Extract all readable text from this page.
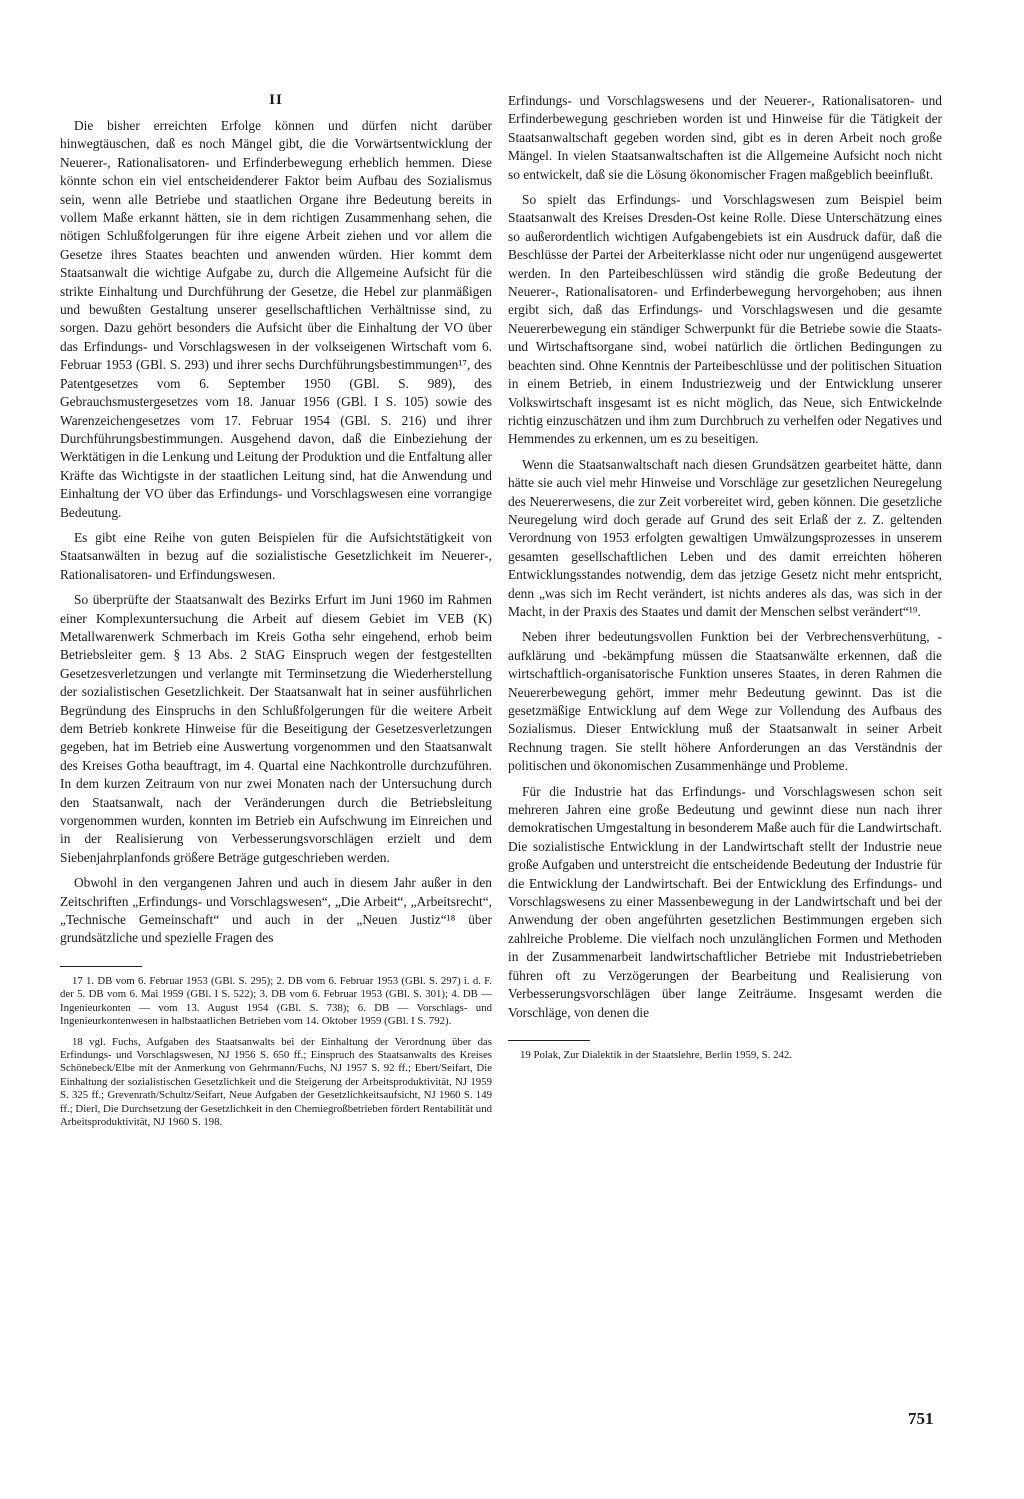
II

Die bisher erreichten Erfolge können und dürfen nicht darüber hinwegtäuschen, daß es noch Mängel gibt, die die Vorwärtsentwicklung der Neuerer-, Rationalisatoren- und Erfinderbewegung erheblich hemmen. Diese könnte schon ein viel entscheidenderer Faktor beim Aufbau des Sozialismus sein, wenn alle Betriebe und staatlichen Organe ihre Bedeutung bereits in vollem Maße erkannt hätten, sie in dem richtigen Zusammenhang sehen, die nötigen Schlußfolgerungen für ihre eigene Arbeit ziehen und vor allem die Gesetze ihres Staates beachten und anwenden würden. Hier kommt dem Staatsanwalt die wichtige Aufgabe zu, durch die Allgemeine Aufsicht für die strikte Einhaltung und Durchführung der Gesetze, die Hebel zur planmäßigen und bewußten Gestaltung unserer gesellschaftlichen Verhältnisse sind, zu sorgen. Dazu gehört besonders die Aufsicht über die Einhaltung der VO über das Erfindungs- und Vorschlagswesen in der volkseigenen Wirtschaft vom 6. Februar 1953 (GBl. S. 293) und ihrer sechs Durchführungsbestimmungen¹⁷, des Patentgesetzes vom 6. September 1950 (GBl. S. 989), des Gebrauchsmustergesetzes vom 18. Januar 1956 (GBl. I S. 105) sowie des Warenzeichengesetzes vom 17. Februar 1954 (GBl. S. 216) und ihrer Durchführungsbestimmungen. Ausgehend davon, daß die Einbeziehung der Werktätigen in die Lenkung und Leitung der Produktion und die Entfaltung aller Kräfte das Wichtigste in der staatlichen Leitung sind, hat die Anwendung und Einhaltung der VO über das Erfindungs- und Vorschlagswesen eine vorrangige Bedeutung.

Es gibt eine Reihe von guten Beispielen für die Aufsichtstätigkeit von Staatsanwälten in bezug auf die sozialistische Gesetzlichkeit im Neuerer-, Rationalisatoren- und Erfindungswesen.

So überprüfte der Staatsanwalt des Bezirks Erfurt im Juni 1960 im Rahmen einer Komplexuntersuchung die Arbeit auf diesem Gebiet im VEB (K) Metallwarenwerk Schmerbach im Kreis Gotha sehr eingehend, erhob beim Betriebsleiter gem. § 13 Abs. 2 StAG Einspruch wegen der festgestellten Gesetzesverletzungen und verlangte mit Terminsetzung die Wiederherstellung der sozialistischen Gesetzlichkeit. Der Staatsanwalt hat in seiner ausführlichen Begründung des Einspruchs in den Schlußfolgerungen für die weitere Arbeit dem Betrieb konkrete Hinweise für die Beseitigung der Gesetzesverletzungen gegeben, hat im Betrieb eine Auswertung vorgenommen und den Staatsanwalt des Kreises Gotha beauftragt, im 4. Quartal eine Nachkontrolle durchzuführen. In dem kurzen Zeitraum von nur zwei Monaten nach der Untersuchung durch den Staatsanwalt, nach der Veränderungen durch die Betriebsleitung vorgenommen wurden, konnten im Betrieb ein Aufschwung im Einreichen und in der Realisierung von Verbesserungsvorschlägen erzielt und dem Siebenjahrplanfonds größere Beträge gutgeschrieben werden.

Obwohl in den vergangenen Jahren und auch in diesem Jahr außer in den Zeitschriften „Erfindungs- und Vorschlagswesen“, „Die Arbeit“, „Arbeitsrecht“, „Technische Gemeinschaft“ und auch in der „Neuen Justiz“¹⁸ über grundsätzliche und spezielle Fragen des

17 1. DB vom 6. Februar 1953 (GBl. S. 295); 2. DB vom 6. Februar 1953 (GBl. S. 297) i. d. F. der 5. DB vom 6. Mai 1959 (GBl. I S. 522); 3. DB vom 6. Februar 1953 (GBl. S. 301); 4. DB — Ingenieurkonten — vom 13. August 1954 (GBl. S. 738); 6. DB — Vorschlags- und Ingenieurkontenwesen in halbstaatlichen Betrieben vom 14. Oktober 1959 (GBl. I S. 792).

18 vgl. Fuchs, Aufgaben des Staatsanwalts bei der Einhaltung der Verordnung über das Erfindungs- und Vorschlagswesen, NJ 1956 S. 650 ff.; Einspruch des Staatsanwalts des Kreises Schönebeck/Elbe mit der Anmerkung von Gehrmann/Fuchs, NJ 1957 S. 92 ff.; Ebert/Seifart, Die Einhaltung der sozialistischen Gesetzlichkeit und die Steigerung der Arbeitsproduktivität, NJ 1959 S. 325 ff.; Grevenrath/Schultz/Seifart, Neue Aufgaben der Gesetzlichkeitsaufsicht, NJ 1960 S. 149 ff.; Dierl, Die Durchsetzung der Gesetzlichkeit in den Chemiegroßbetrieben fördert Rentabilität und Arbeitsproduktivität, NJ 1960 S. 198.

Erfindungs- und Vorschlagswesens und der Neuerer-, Rationalisatoren- und Erfinderbewegung geschrieben worden ist und Hinweise für die Tätigkeit der Staatsanwaltschaft gegeben worden sind, gibt es in deren Arbeit noch große Mängel. In vielen Staatsanwaltschaften ist die Allgemeine Aufsicht noch nicht so entwickelt, daß sie die Lösung ökonomischer Fragen maßgeblich beeinflußt.

So spielt das Erfindungs- und Vorschlagswesen zum Beispiel beim Staatsanwalt des Kreises Dresden-Ost keine Rolle. Diese Unterschätzung eines so außerordentlich wichtigen Aufgabengebiets ist ein Ausdruck dafür, daß die Beschlüsse der Partei der Arbeiterklasse nicht oder nur ungenügend ausgewertet werden. In den Parteibeschlüssen wird ständig die große Bedeutung der Neuerer-, Rationalisatoren- und Erfinderbewegung hervorgehoben; aus ihnen ergibt sich, daß das Erfindungs- und Vorschlagswesen und die gesamte Neuererbewegung ein ständiger Schwerpunkt für die Betriebe sowie die Staats- und Wirtschaftsorgane sind, wobei natürlich die örtlichen Bedingungen zu beachten sind. Ohne Kenntnis der Parteibeschlüsse und der politischen Situation in einem Betrieb, in einem Industriezweig und der Entwicklung unserer Volkswirtschaft insgesamt ist es nicht möglich, das Neue, sich Entwickelnde richtig einzuschätzen und ihm zum Durchbruch zu verhelfen oder Negatives und Hemmendes zu erkennen, um es zu beseitigen.

Wenn die Staatsanwaltschaft nach diesen Grundsätzen gearbeitet hätte, dann hätte sie auch viel mehr Hinweise und Vorschläge zur gesetzlichen Neuregelung des Neuererwesens, die zur Zeit vorbereitet wird, geben können. Die gesetzliche Neuregelung wird doch gerade auf Grund des seit Erlaß der z. Z. geltenden Verordnung von 1953 erfolgten gewaltigen Umwälzungsprozesses in unserem gesamten gesellschaftlichen Leben und des damit erreichten höheren Entwicklungsstandes notwendig, dem das jetzige Gesetz nicht mehr entspricht, denn „was sich im Recht verändert, ist nichts anderes als das, was sich in der Macht, in der Praxis des Staates und damit der Menschen selbst verändert“¹⁹.

Neben ihrer bedeutungsvollen Funktion bei der Verbrechensverhütung, -aufklärung und -bekämpfung müssen die Staatsanwälte erkennen, daß die wirtschaftlich-organisatorische Funktion unseres Staates, in deren Rahmen die Neuererbewegung gehört, immer mehr Bedeutung gewinnt. Das ist die gesetzmäßige Entwicklung auf dem Wege zur Vollendung des Aufbaus des Sozialismus. Dieser Entwicklung muß der Staatsanwalt in seiner Arbeit Rechnung tragen. Sie stellt höhere Anforderungen an das Verständnis der politischen und ökonomischen Zusammenhänge und Probleme.

Für die Industrie hat das Erfindungs- und Vorschlagswesen schon seit mehreren Jahren eine große Bedeutung und gewinnt diese nun nach ihrer demokratischen Umgestaltung in besonderem Maße auch für die Landwirtschaft. Die sozialistische Entwicklung in der Landwirtschaft stellt der Industrie neue große Aufgaben und unterstreicht die entscheidende Bedeutung der Industrie für die Entwicklung der Landwirtschaft. Bei der Entwicklung des Erfindungs- und Vorschlagswesens zu einer Massenbewegung in der Landwirtschaft und bei der Anwendung der oben angeführten gesetzlichen Bestimmungen ergeben sich zahlreiche Probleme. Die vielfach noch unzulänglichen Formen und Methoden in der Zusammenarbeit landwirtschaftlicher Betriebe mit Industriebetrieben führen oft zu Verzögerungen der Bearbeitung und Realisierung von Verbesserungsvorschlägen über lange Zeiträume. Insgesamt werden die Vorschläge, von denen die

19 Polak, Zur Dialektik in der Staatslehre, Berlin 1959, S. 242.

751
